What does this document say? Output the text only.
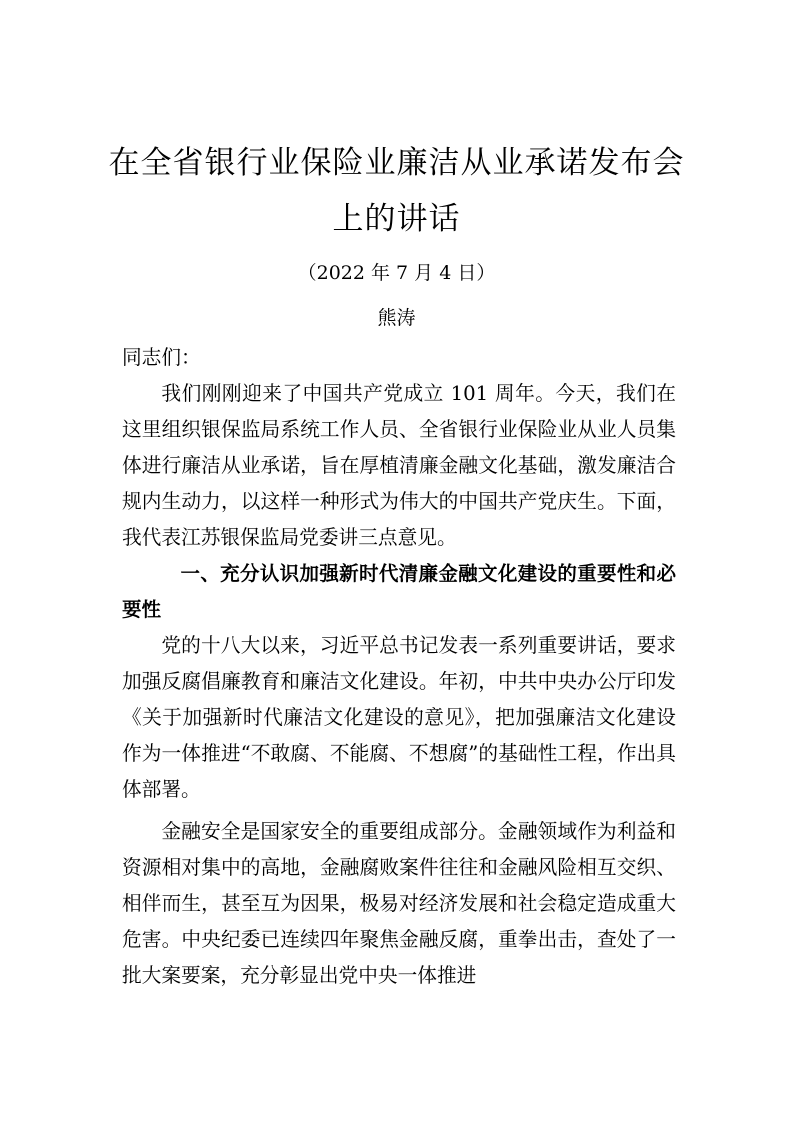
在全省银行业保险业廉洁从业承诺发布会
上的讲话
（2022 年 7 月 4 日）
熊涛

同志们：

我们刚刚迎来了中国共产党成立 101 周年。今天，我们在这里组织银保监局系统工作人员、全省银行业保险业从业人员集体进行廉洁从业承诺，旨在厚植清廉金融文化基础，激发廉洁合规内生动力，以这样一种形式为伟大的中国共产党庆生。下面，我代表江苏银保监局党委讲三点意见。

一、充分认识加强新时代清廉金融文化建设的重要性和必要性

党的十八大以来，习近平总书记发表一系列重要讲话，要求加强反腐倡廉教育和廉洁文化建设。年初，中共中央办公厅印发《关于加强新时代廉洁文化建设的意见》，把加强廉洁文化建设作为一体推进“不敢腐、不能腐、不想腐”的基础性工程，作出具体部署。

金融安全是国家安全的重要组成部分。金融领域作为利益和资源相对集中的高地，金融腐败案件往往和金融风险相互交织、相伴而生，甚至互为因果，极易对经济发展和社会稳定造成重大危害。中央纪委已连续四年聚焦金融反腐，重拳出击，查处了一批大案要案，充分彰显出党中央一体推进
